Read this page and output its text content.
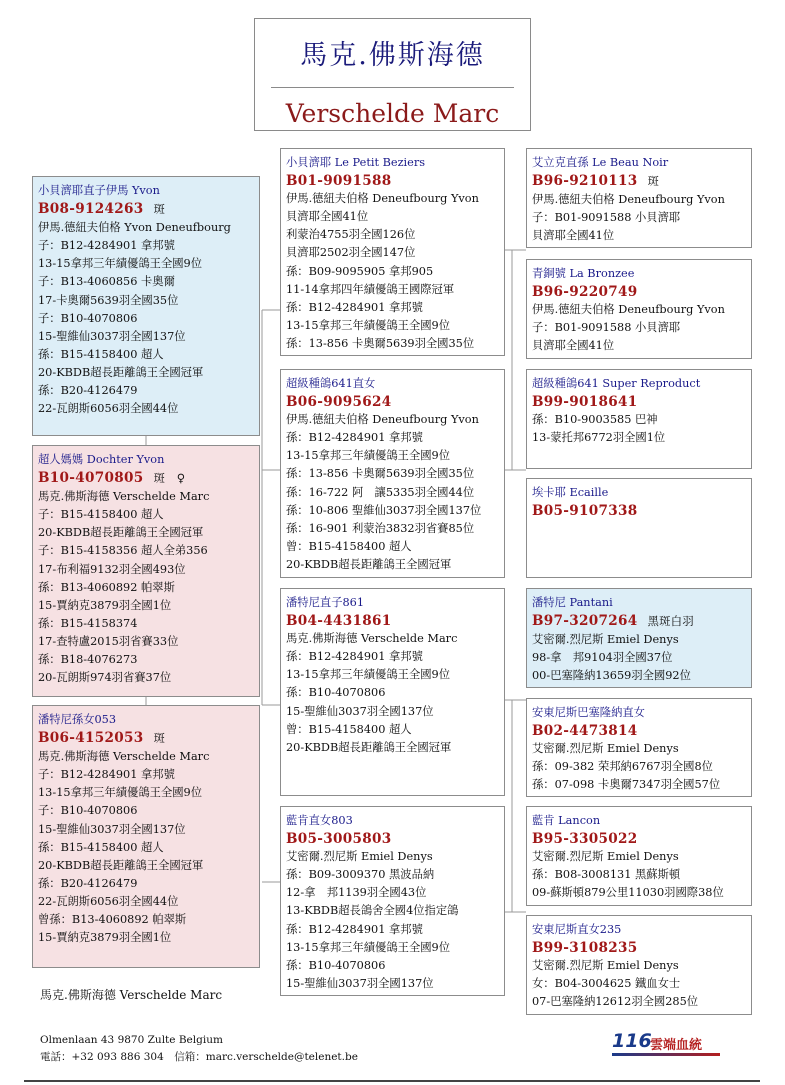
馬克.佛斯海德
Verschelde Marc
小貝濟耶直子伊馬 Yvon
B08-9124263 斑
伊馬.德紐夫伯格 Yvon Deneufbourg
子：B12-4284901 拿邦號
13-15拿邦三年績優鴿王全國9位
子：B13-4060856 卡奧爾
17-卡奧爾5639羽全國35位
子：B10-4070806
15-聖維仙3037羽全國137位
孫：B15-4158400 超人
20-KBDB超長距離鴿王全國冠軍
孫：B20-4126479
22-瓦朗斯6056羽全國44位
超人媽媽 Dochter Yvon
B10-4070805 斑　♀
馬克.佛斯海德 Verschelde Marc
子：B15-4158400 超人
20-KBDB超長距離鴿王全國冠軍
子：B15-4158356 超人全弟356
17-布利福9132羽全國493位
孫：B13-4060892 帕翠斯
15-賈納克3879羽全國1位
孫：B15-4158374
17-查特盧2015羽省賽33位
孫：B18-4076273
20-瓦朗斯974羽省賽37位
潘特尼孫女053
B06-4152053 斑
馬克.佛斯海德 Verschelde Marc
子：B12-4284901 拿邦號
13-15拿邦三年績優鴿王全國9位
子：B10-4070806
15-聖維仙3037羽全國137位
孫：B15-4158400 超人
20-KBDB超長距離鴿王全國冠軍
孫：B20-4126479
22-瓦朗斯6056羽全國44位
曾孫：B13-4060892 帕翠斯
15-賈納克3879羽全國1位
小貝濟耶 Le Petit Beziers
B01-9091588
伊馬.德紐夫伯格 Deneufbourg Yvon
貝濟耶全國41位
利蒙治4755羽全國126位
貝濟耶2502羽全國147位
孫：B09-9095905 拿邦905
11-14拿邦四年績優鴿王國際冠軍
孫：B12-4284901 拿邦號
13-15拿邦三年績優鴿王全國9位
孫：13-856 卡奧爾5639羽全國35位
超級種鴿641直女
B06-9095624
伊馬.德紐夫伯格 Deneufbourg Yvon
孫：B12-4284901 拿邦號
13-15拿邦三年績優鴿王全國9位
孫：13-856 卡奧爾5639羽全國35位
孫：16-722 阿　讓5335羽全國44位
孫：10-806 聖維仙3037羽全國137位
孫：16-901 利蒙治3832羽省賽85位
曾：B15-4158400 超人
20-KBDB超長距離鴿王全國冠軍
潘特尼直子861
B04-4431861
馬克.佛斯海德 Verschelde Marc
孫：B12-4284901 拿邦號
13-15拿邦三年績優鴿王全國9位
孫：B10-4070806
15-聖維仙3037羽全國137位
曾：B15-4158400 超人
20-KBDB超長距離鴿王全國冠軍
藍肯直女803
B05-3005803
艾密爾.烈尼斯 Emiel Denys
孫：B09-3009370 黑波品納
12-拿　邦1139羽全國43位
13-KBDB超長鴿舍全國4位指定鴿
孫：B12-4284901 拿邦號
13-15拿邦三年績優鴿王全國9位
孫：B10-4070806
15-聖維仙3037羽全國137位
艾立克直孫 Le Beau Noir
B96-9210113 斑
伊馬.德紐夫伯格 Deneufbourg Yvon
子：B01-9091588 小貝濟耶
貝濟耶全國41位
青銅號 La Bronzee
B96-9220749
伊馬.德紐夫伯格 Deneufbourg Yvon
子：B01-9091588 小貝濟耶
貝濟耶全國41位
超級種鴿641 Super Reproduct
B99-9018641
孫：B10-9003585 巴神
13-蒙托邦6772羽全國1位
埃卡耶 Ecaille
B05-9107338
潘特尼 Pantani
B97-3207264 黑斑白羽
艾密爾.烈尼斯 Emiel Denys
98-拿　邦9104羽全國37位
00-巴塞隆納13659羽全國92位
安東尼斯巴塞隆納直女
B02-4473814
艾密爾.烈尼斯 Emiel Denys
孫：09-382 荣邦納6767羽全國8位
孫：07-098 卡奧爾7347羽全國57位
藍肯 Lancon
B95-3305022
艾密爾.烈尼斯 Emiel Denys
孫：B08-3008131 黑蘇斯頓
09-蘇斯頓879公里11030羽國際38位
安東尼斯直女235
B99-3108235
艾密爾.烈尼斯 Emiel Denys
女：B04-3004625 鐵血女士
07-巴塞隆納12612羽全國285位
馬克.佛斯海德 Verschelde Marc
Olmenlaan 43 9870 Zulte Belgium
電話：+32 093 886 304　信箱：marc.verschelde@telenet.be
116
雲端血統
